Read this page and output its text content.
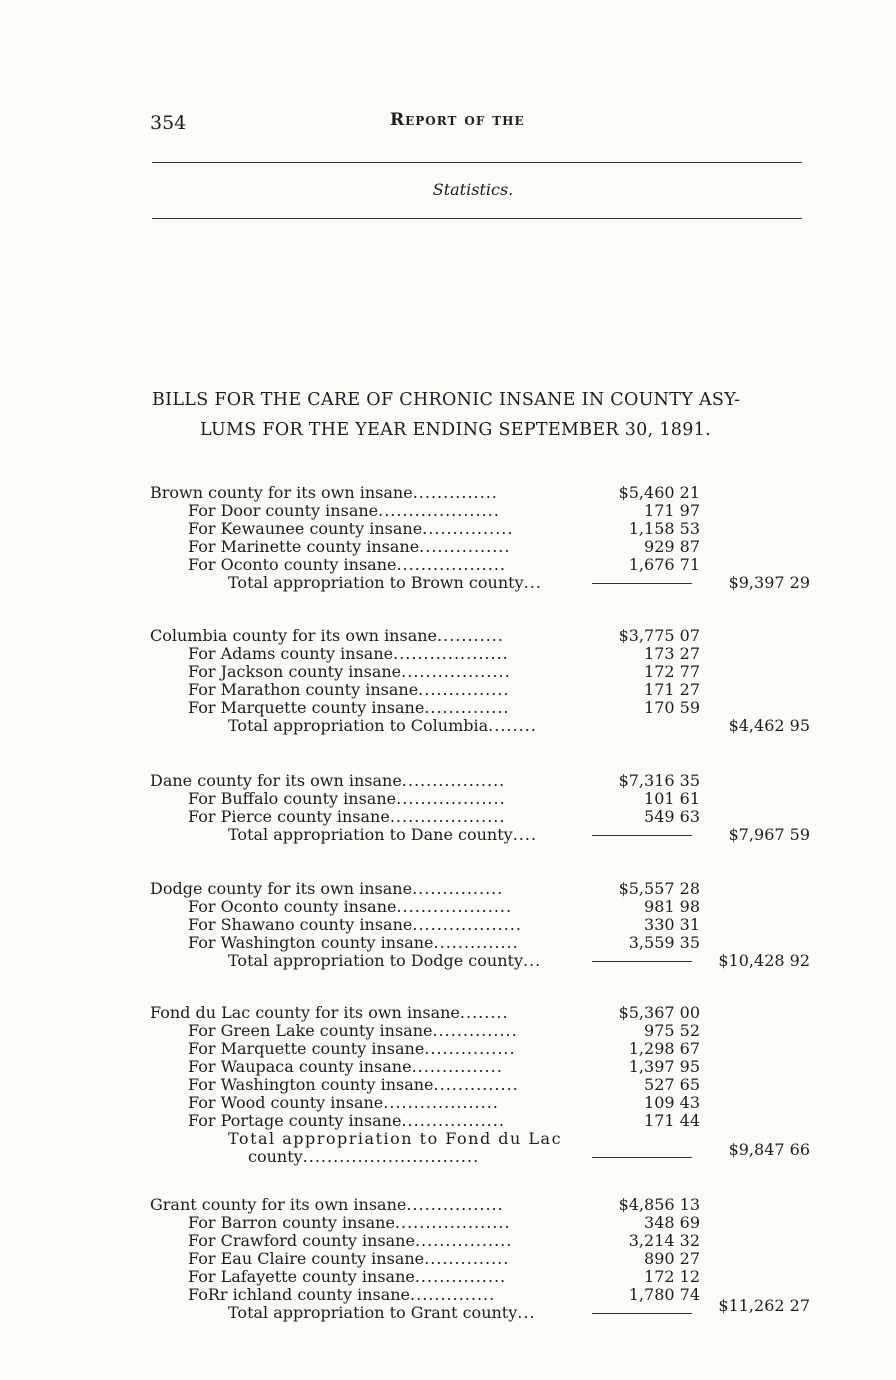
354	Report of the
Statistics.
BILLS FOR THE CARE OF CHRONIC INSANE IN COUNTY ASY-
LUMS FOR THE YEAR ENDING SEPTEMBER 30, 1891.
Brown county for its own insane..............	$5,460 21
For Door county insane....................	171 97
For Kewaunee county insane...............	1,158 53
For Marinette county insane...............	929 87
For Oconto county insane..................	1,676 71
Total appropriation to Brown county...	$9,397 29
Columbia county for its own insane...........	$3,775 07
For Adams county insane...................	173 27
For Jackson county insane..................	172 77
For Marathon county insane...............	171 27
For Marquette county insane..............	170 59
Total appropriation to Columbia........	$4,462 95
Dane county for its own insane.................	$7,316 35
For Buffalo county insane..................	101 61
For Pierce county insane...................	549 63
Total appropriation to Dane county....	$7,967 59
Dodge county for its own insane...............	$5,557 28
For Oconto county insane...................	981 98
For Shawano county insane..................	330 31
For Washington county insane..............	3,559 35
Total appropriation to Dodge county...	$10,428 92
Fond du Lac county for its own insane........	$5,367 00
For Green Lake county insane..............	975 52
For Marquette county insane...............	1,298 67
For Waupaca county insane...............	1,397 95
For Washington county insane..............	527 65
For Wood county insane...................	109 43
For Portage county insane.................	171 44
Total appropriation to Fond du Lac
county.............................	$9,847 66
Grant county for its own insane................	$4,856 13
For Barron county insane...................	348 69
For Crawford county insane................	3,214 32
For Eau Claire county insane..............	890 27
For Lafayette county insane...............	172 12
FoRr ichland county insane..............	1,780 74
Total appropriation to Grant county...	$11,262 27
